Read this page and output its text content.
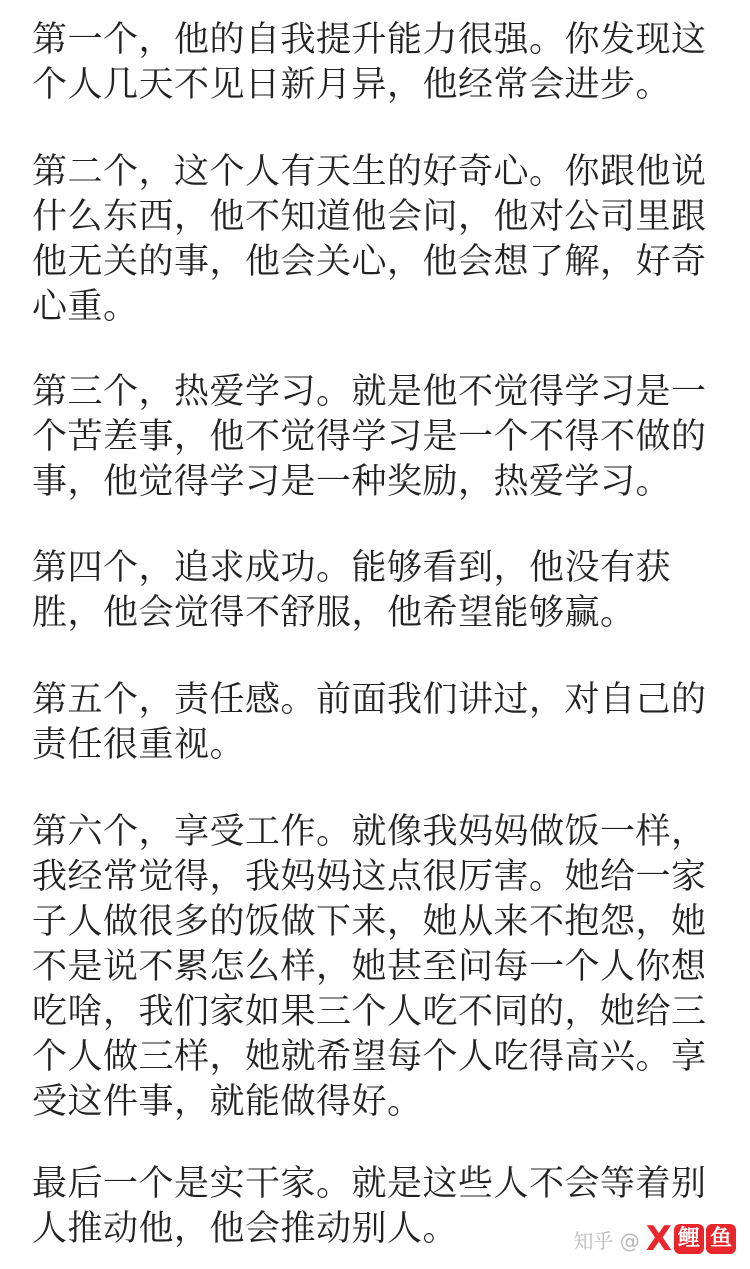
第一个，他的自我提升能力很强。你发现这
个人几天不见日新月异，他经常会进步。

第二个，这个人有天生的好奇心。你跟他说
什么东西，他不知道他会问，他对公司里跟
他无关的事，他会关心，他会想了解，好奇
心重。

第三个，热爱学习。就是他不觉得学习是一
个苦差事，他不觉得学习是一个不得不做的
事，他觉得学习是一种奖励，热爱学习。

第四个，追求成功。能够看到，他没有获
胜，他会觉得不舒服，他希望能够赢。

第五个，责任感。前面我们讲过，对自己的
责任很重视。

第六个，享受工作。就像我妈妈做饭一样，
我经常觉得，我妈妈这点很厉害。她给一家
子人做很多的饭做下来，她从来不抱怨，她
不是说不累怎么样，她甚至问每一个人你想
吃啥，我们家如果三个人吃不同的，她给三
个人做三样，她就希望每个人吃得高兴。享
受这件事，就能做得好。

最后一个是实干家。就是这些人不会等着别
人推动他，他会推动别人。	知乎 @ X 鲤 鱼
